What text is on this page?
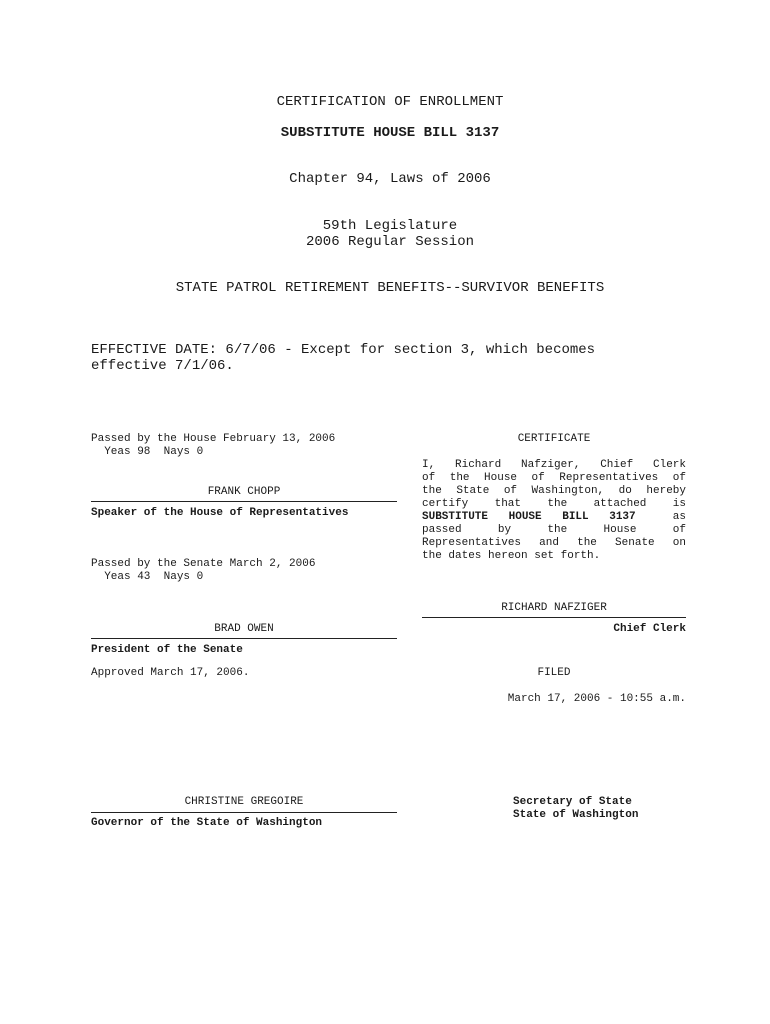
CERTIFICATION OF ENROLLMENT
SUBSTITUTE HOUSE BILL 3137
Chapter 94, Laws of 2006
59th Legislature
2006 Regular Session
STATE PATROL RETIREMENT BENEFITS--SURVIVOR BENEFITS
EFFECTIVE DATE: 6/7/06 - Except for section 3, which becomes
effective 7/1/06.
Passed by the House February 13, 2006
Yeas 98  Nays 0
FRANK CHOPP
Speaker of the House of Representatives
Passed by the Senate March 2, 2006
Yeas 43  Nays 0
BRAD OWEN
President of the Senate
Approved March 17, 2006.
CHRISTINE GREGOIRE
Governor of the State of Washington
CERTIFICATE
I, Richard Nafziger, Chief Clerk
of the House of Representatives of
the State of Washington, do hereby
certify that the attached is
SUBSTITUTE HOUSE BILL 3137	as
passed by the House of
Representatives and the Senate on
the dates hereon set forth.
RICHARD NAFZIGER
Chief Clerk
FILED
March 17, 2006 - 10:55 a.m.
Secretary of State
State of Washington
